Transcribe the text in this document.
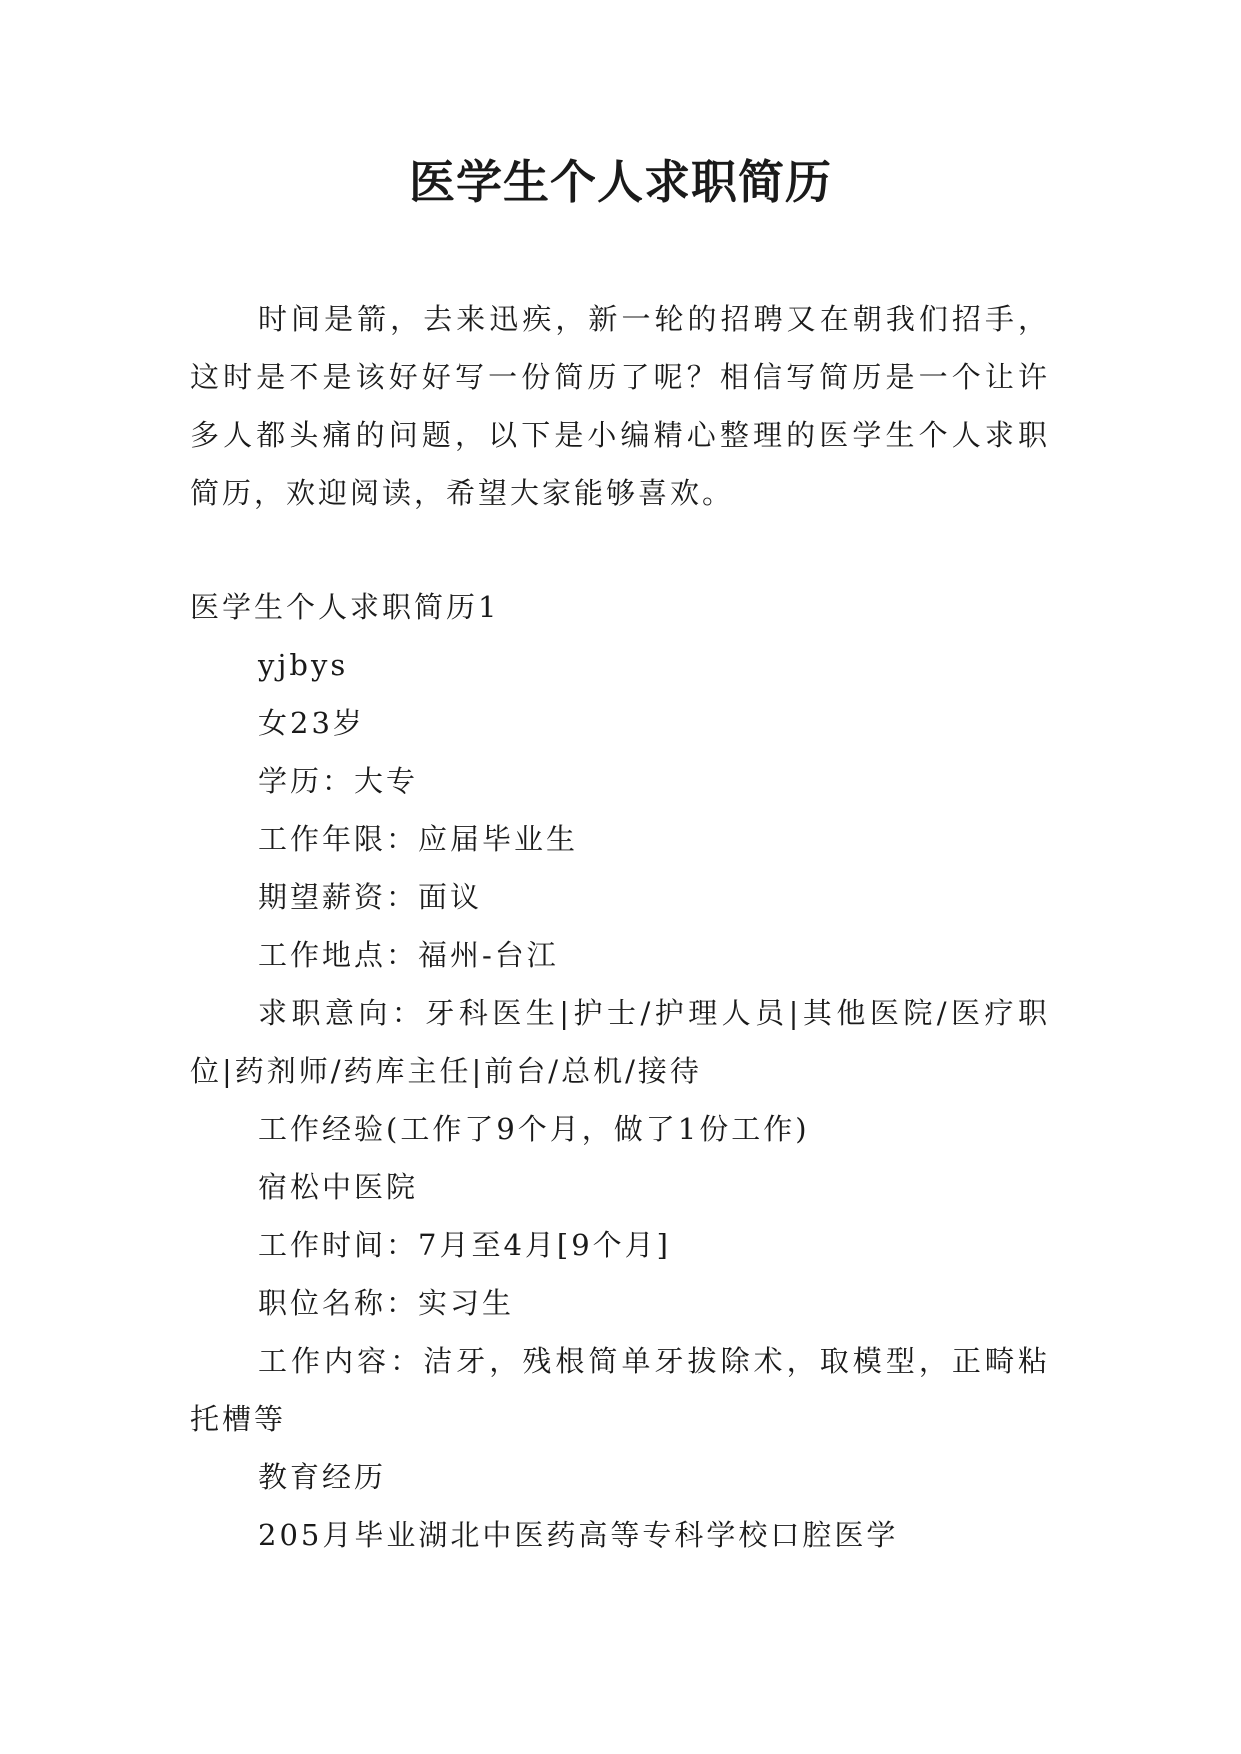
医学生个人求职简历

时间是箭，去来迅疾，新一轮的招聘又在朝我们招手，这时是不是该好好写一份简历了呢？相信写简历是一个让许多人都头痛的问题，以下是小编精心整理的医学生个人求职简历，欢迎阅读，希望大家能够喜欢。

医学生个人求职简历1

yjbys

女23岁

学历：大专

工作年限：应届毕业生

期望薪资：面议

工作地点：福州-台江

求职意向：牙科医生|护士/护理人员|其他医院/医疗职位|药剂师/药库主任|前台/总机/接待

工作经验(工作了9个月，做了1份工作)

宿松中医院

工作时间：7月至4月[9个月]

职位名称：实习生

工作内容：洁牙，残根简单牙拔除术，取模型，正畸粘托槽等

教育经历

205月毕业湖北中医药高等专科学校口腔医学
